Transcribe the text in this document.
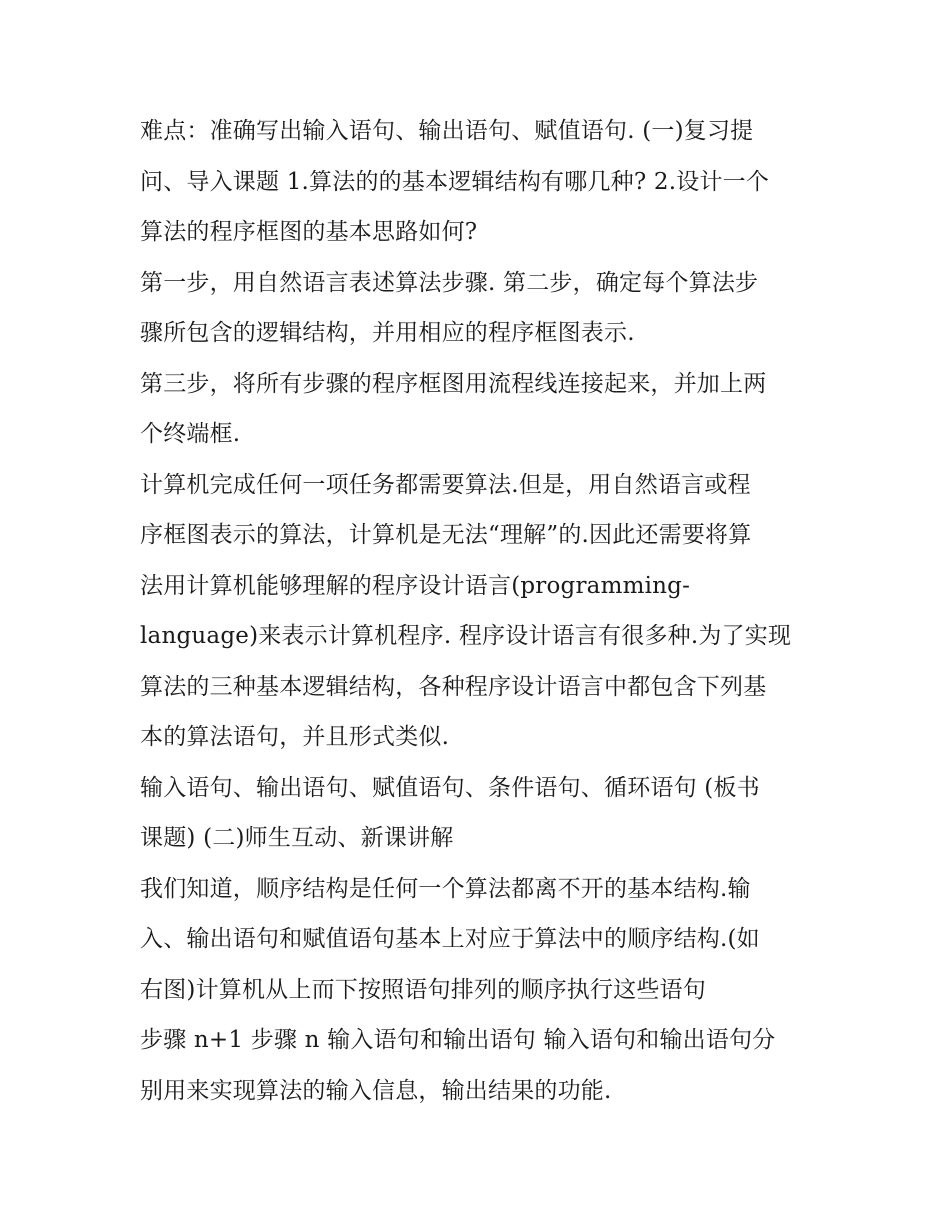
难点：准确写出输入语句、输出语句、赋值语句. (一)复习提
问、导入课题 1.算法的的基本逻辑结构有哪几种? 2.设计一个
算法的程序框图的基本思路如何?
第一步，用自然语言表述算法步骤. 第二步，确定每个算法步
骤所包含的逻辑结构，并用相应的程序框图表示.
第三步，将所有步骤的程序框图用流程线连接起来，并加上两
个终端框.
计算机完成任何一项任务都需要算法.但是，用自然语言或程
序框图表示的算法，计算机是无法“理解”的.因此还需要将算
法用计算机能够理解的程序设计语言(programming-
language)来表示计算机程序. 程序设计语言有很多种.为了实现
算法的三种基本逻辑结构，各种程序设计语言中都包含下列基
本的算法语句，并且形式类似.
输入语句、输出语句、赋值语句、条件语句、循环语句 (板书
课题) (二)师生互动、新课讲解
我们知道，顺序结构是任何一个算法都离不开的基本结构.输
入、输出语句和赋值语句基本上对应于算法中的顺序结构.(如
右图)计算机从上而下按照语句排列的顺序执行这些语句
步骤 n+1 步骤 n 输入语句和输出语句 输入语句和输出语句分
别用来实现算法的输入信息，输出结果的功能.
